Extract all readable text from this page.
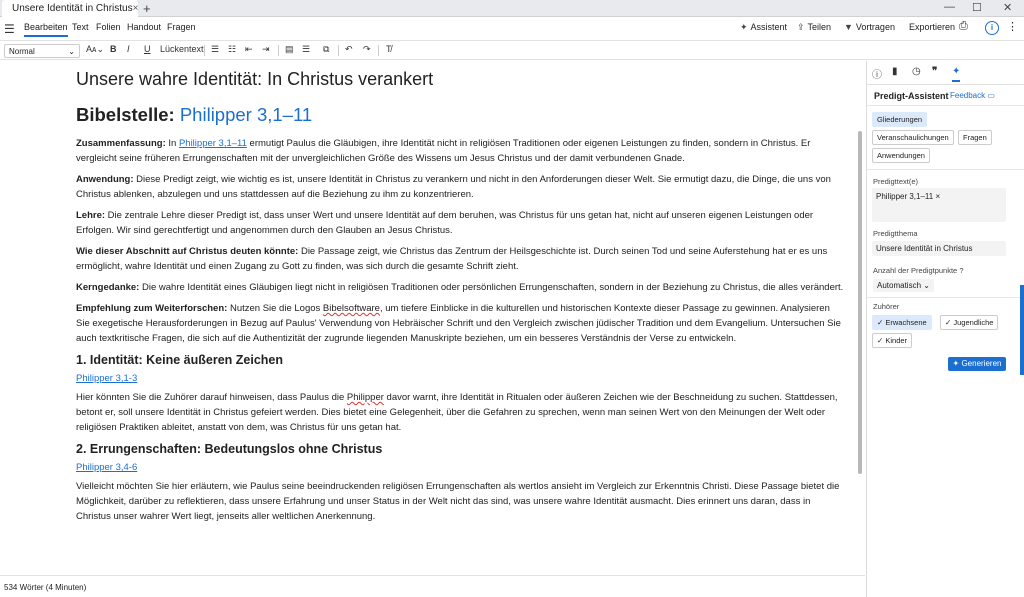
Unsere Identität in Christus × +	— ☐ ✕
☰ Bearbeiten Text Folien Handout Fragen	✦ Assistent ⇪ Teilen ▼ Vortragen Exportieren ⎙	i	⋮
Normal	⌄ Aᴀ⌄ B I U Lückentext ☰ ☷ ⇤ ⇥ ▤ ☰ ⧉ ↶ ↷ T̸
Unsere wahre Identität: In Christus verankert
Bibelstelle: Philipper 3,1–11
Zusammenfassung: In Philipper 3,1–11 ermutigt Paulus die Gläubigen, ihre Identität nicht in religiösen Traditionen oder eigenen Leistungen zu finden, sondern in Christus. Er vergleicht seine früheren Errungenschaften mit der unvergleichlichen Größe des Wissens um Jesus Christus und der damit verbundenen Gnade.
Anwendung: Diese Predigt zeigt, wie wichtig es ist, unsere Identität in Christus zu verankern und nicht in den Anforderungen dieser Welt. Sie ermutigt dazu, die Dinge, die uns von Christus ablenken, abzulegen und uns stattdessen auf die Beziehung zu ihm zu konzentrieren.
Lehre: Die zentrale Lehre dieser Predigt ist, dass unser Wert und unsere Identität auf dem beruhen, was Christus für uns getan hat, nicht auf unseren eigenen Leistungen oder Erfolgen. Wir sind gerechtfertigt und angenommen durch den Glauben an Jesus Christus.
Wie dieser Abschnitt auf Christus deuten könnte: Die Passage zeigt, wie Christus das Zentrum der Heilsgeschichte ist. Durch seinen Tod und seine Auferstehung hat er es uns ermöglicht, wahre Identität und einen Zugang zu Gott zu finden, was sich durch die gesamte Schrift zieht.
Kerngedanke: Die wahre Identität eines Gläubigen liegt nicht in religiösen Traditionen oder persönlichen Errungenschaften, sondern in der Beziehung zu Christus, die alles verändert.
Empfehlung zum Weiterforschen: Nutzen Sie die Logos Bibelsoftware, um tiefere Einblicke in die kulturellen und historischen Kontexte dieser Passage zu gewinnen. Analysieren Sie exegetische Herausforderungen in Bezug auf Paulus' Verwendung von Hebräischer Schrift und den Vergleich zwischen jüdischer Tradition und dem Evangelium. Untersuchen Sie auch textkritische Fragen, die sich auf die Authentizität der zugrunde liegenden Manuskripte beziehen, um ein besseres Verständnis der Verse zu entwickeln.
1. Identität: Keine äußeren Zeichen
Philipper 3,1-3
Hier könnten Sie die Zuhörer darauf hinweisen, dass Paulus die Philipper davor warnt, ihre Identität in Ritualen oder äußeren Zeichen wie der Beschneidung zu suchen. Stattdessen, betont er, soll unsere Identität in Christus gefeiert werden. Dies bietet eine Gelegenheit, über die Gefahren zu sprechen, wenn man seinen Wert von den Meinungen der Welt oder religiösen Praktiken ableitet, anstatt von dem, was Christus für uns getan hat.
2. Errungenschaften: Bedeutungslos ohne Christus
Philipper 3,4-6
Vielleicht möchten Sie hier erläutern, wie Paulus seine beeindruckenden religiösen Errungenschaften als wertlos ansieht im Vergleich zur Erkenntnis Christi. Diese Passage bietet die Möglichkeit, darüber zu reflektieren, dass unsere Erfahrung und unser Status in der Welt nicht das sind, was unsere wahre Identität ausmacht. Dies erinnert uns daran, dass in Christus unser wahrer Wert liegt, jenseits aller weltlichen Anerkennung.
534 Wörter (4 Minuten)
ⓘ ▮ ◷ ❞ ✦
Predigt-Assistent Feedback ▭
Gliederungen
Veranschaulichungen	Fragen
Anwendungen
Predigttext(e)
Philipper 3,1–11 ×
Predigtthema
Unsere Identität in Christus
Anzahl der Predigtpunkte ?
Automatisch ⌄
Zuhörer
✓ Erwachsene	✓ Jugendliche
✓ Kinder
✦ Generieren
